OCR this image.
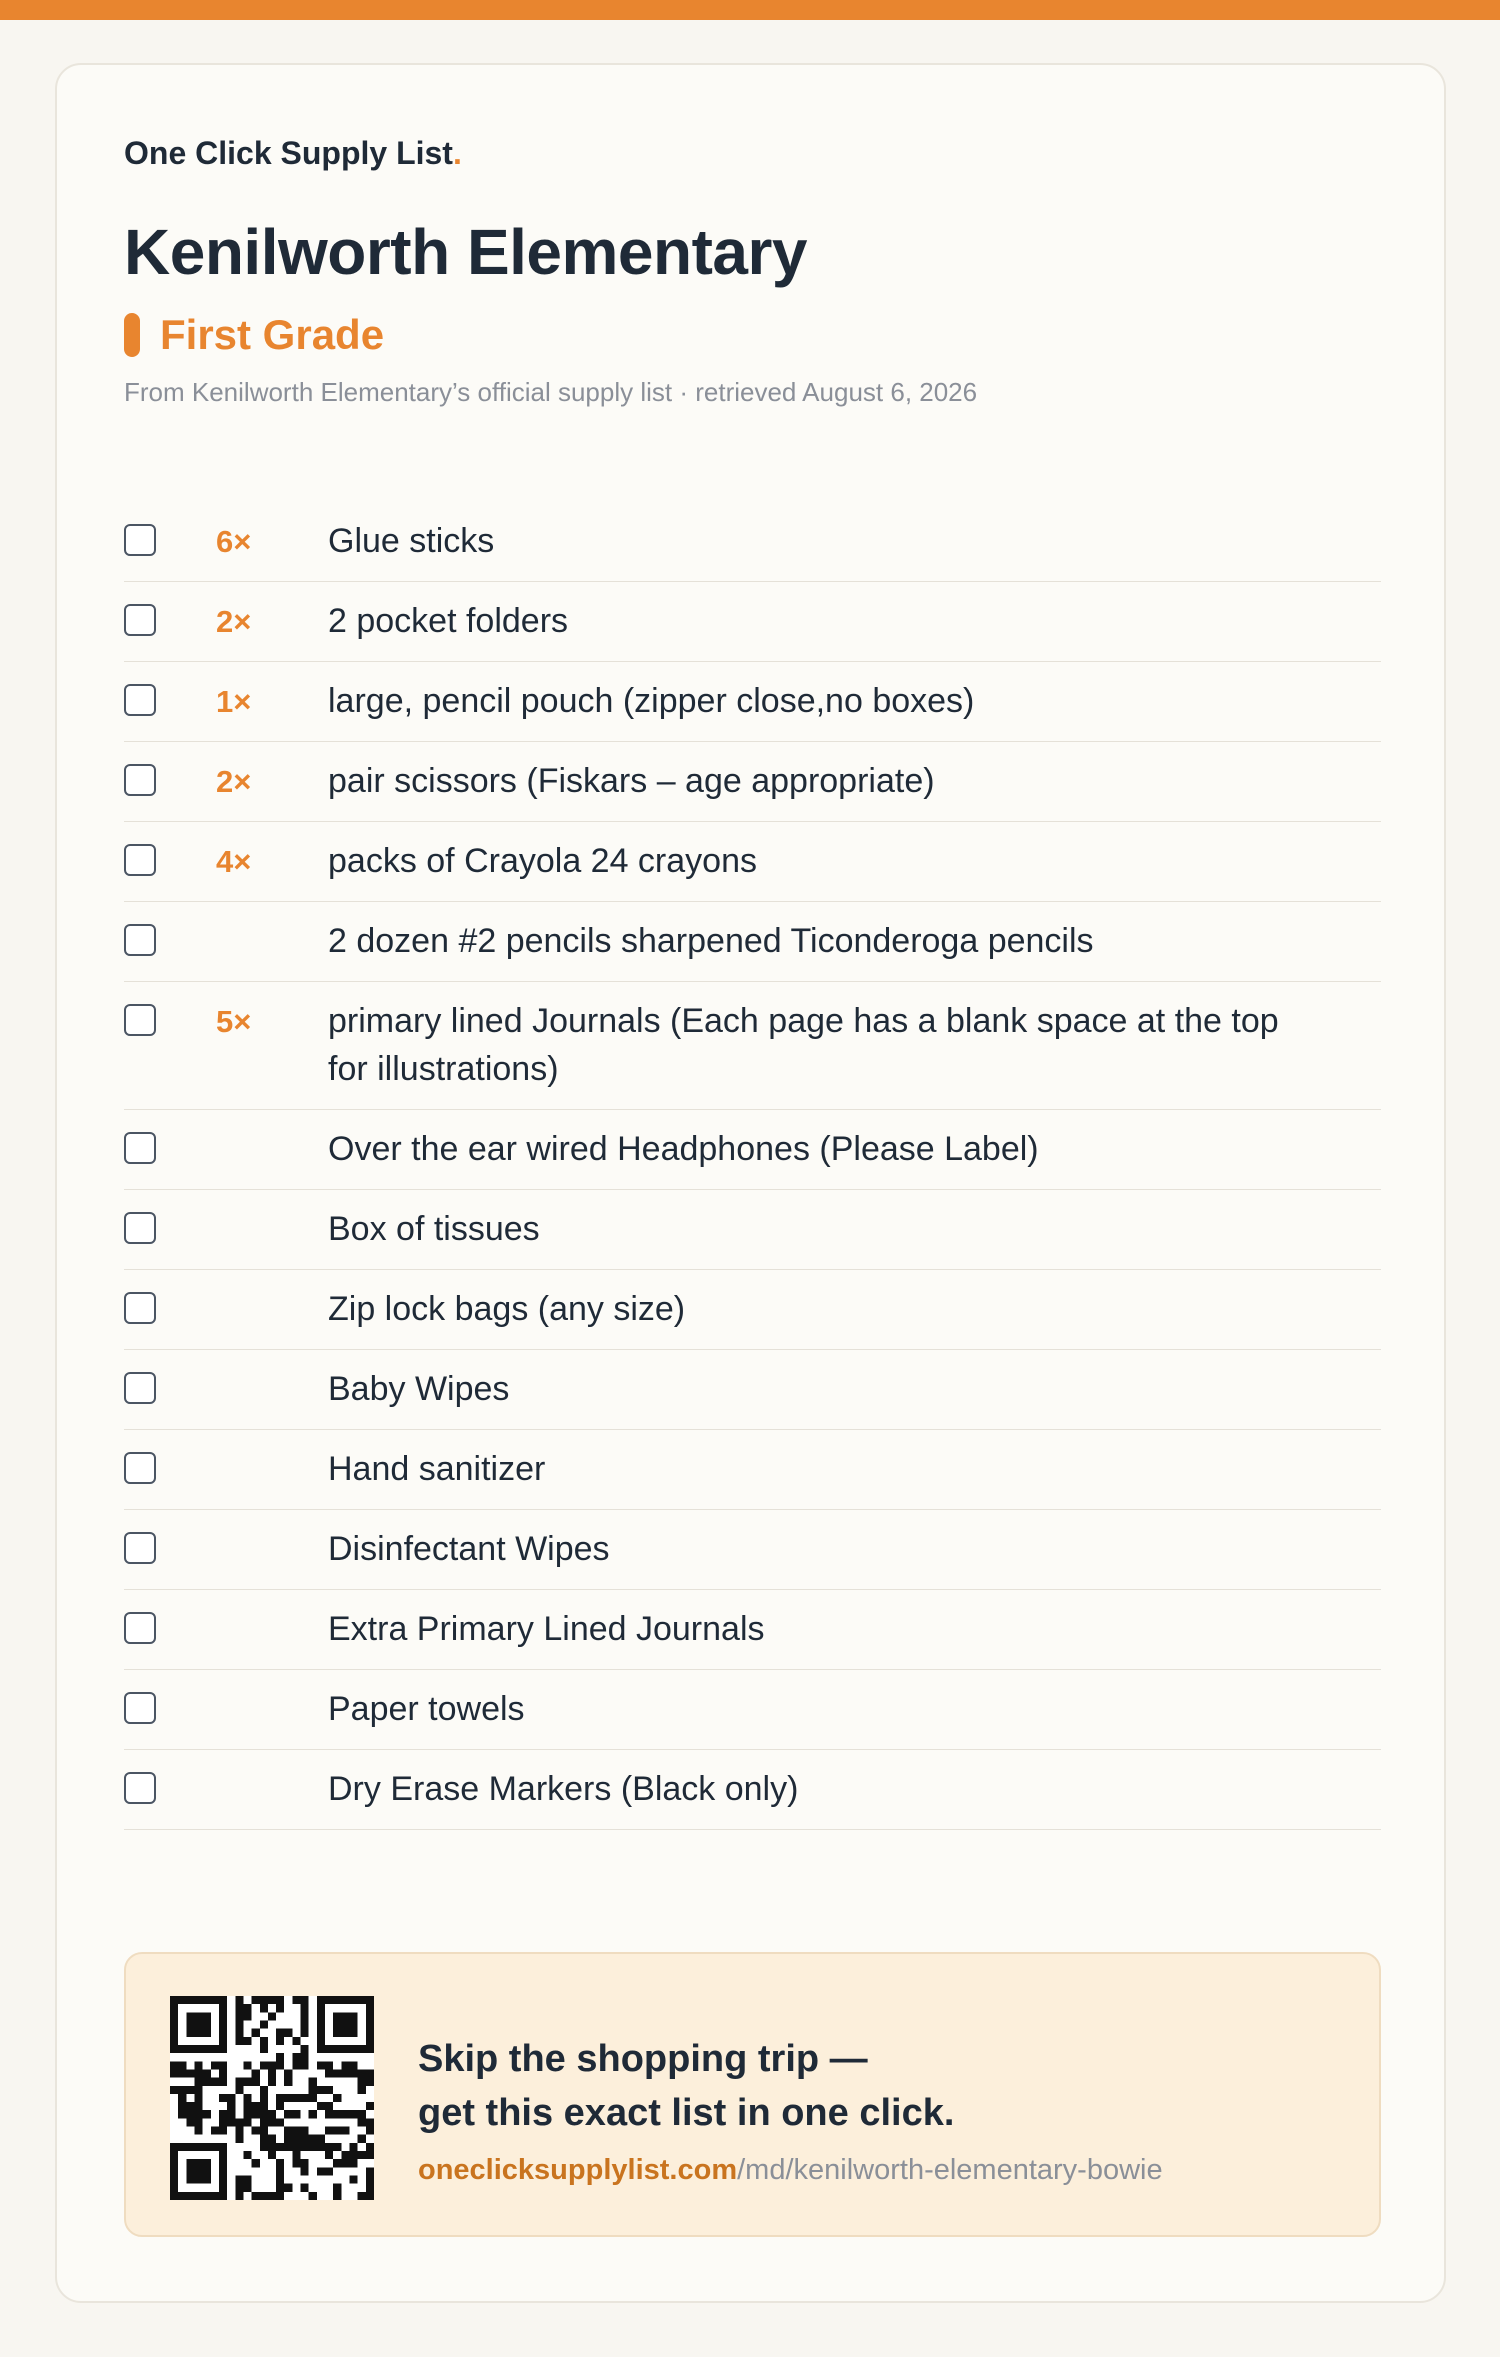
One Click Supply List.
Kenilworth Elementary
First Grade
From Kenilworth Elementary’s official supply list · retrieved August 6, 2026
6× Glue sticks
2× 2 pocket folders
1× large, pencil pouch (zipper close,no boxes)
2× pair scissors (Fiskars – age appropriate)
4× packs of Crayola 24 crayons
2 dozen #2 pencils sharpened Ticonderoga pencils
5× primary lined Journals (Each page has a blank space at the top for illustrations)
Over the ear wired Headphones (Please Label)
Box of tissues
Zip lock bags (any size)
Baby Wipes
Hand sanitizer
Disinfectant Wipes
Extra Primary Lined Journals
Paper towels
Dry Erase Markers (Black only)
Skip the shopping trip —
get this exact list in one click.
oneclicksupplylist.com/md/kenilworth-elementary-bowie
